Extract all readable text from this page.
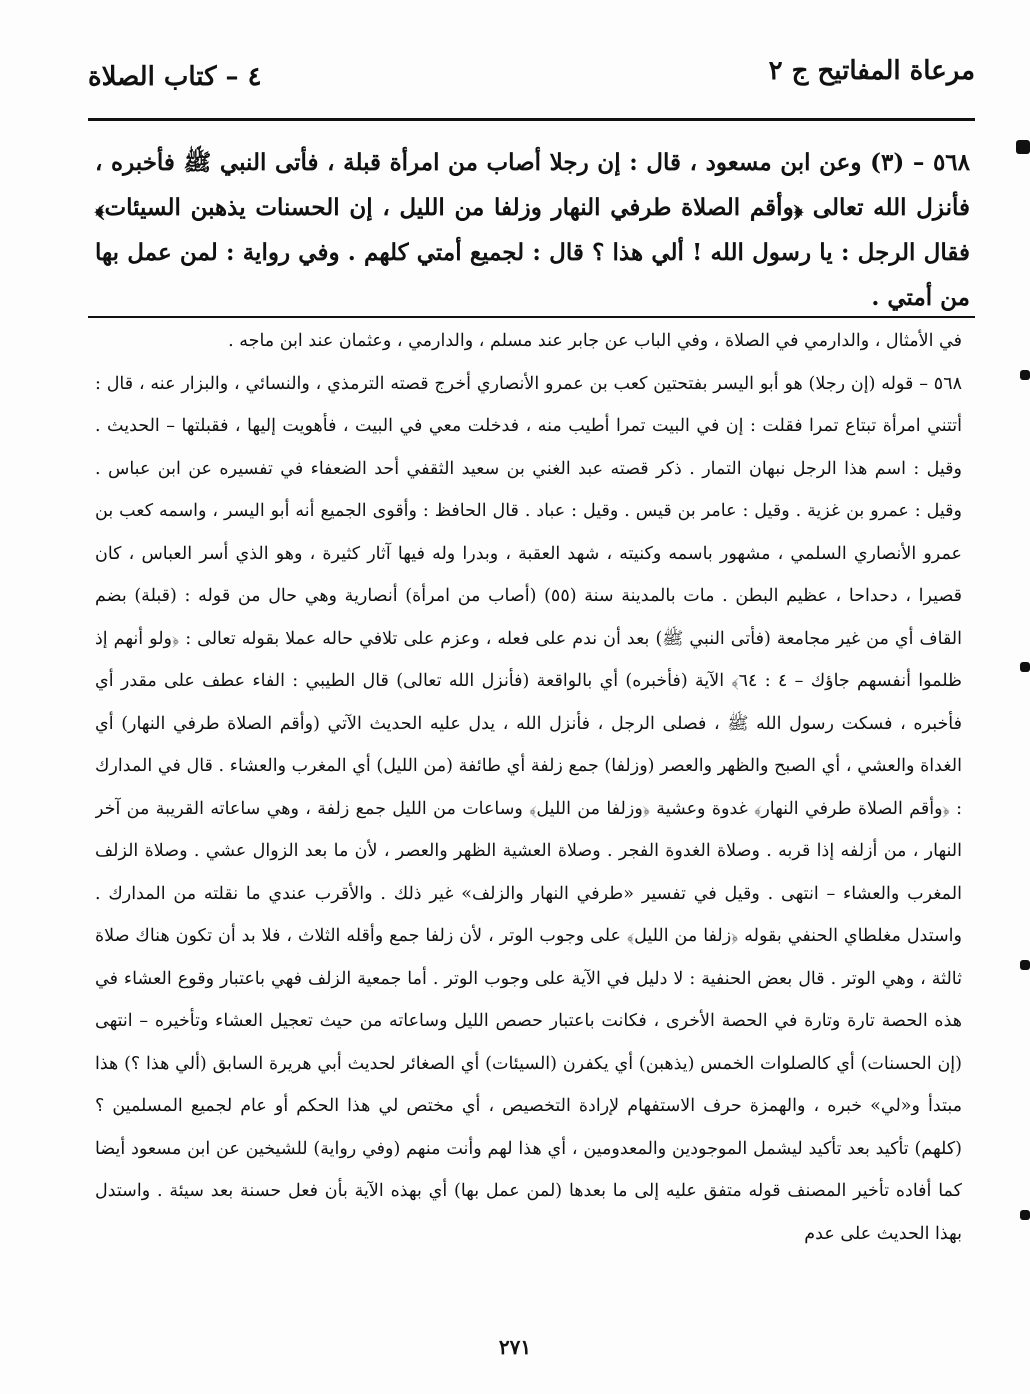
مرعاة المفاتيح ج ٢
٤ – كتاب الصلاة
٥٦٨ – (٣) وعن ابن مسعود ، قال : إن رجلا أصاب من امرأة قبلة ، فأتى النبي ﷺ فأخبره ، فأنزل الله تعالى ﴿وأقم الصلاة طرفي النهار وزلفا من الليل ، إن الحسنات يذهبن السيئات﴾ فقال الرجل : يا رسول الله ! ألي هذا ؟ قال : لجميع أمتي كلهم . وفي رواية : لمن عمل بها من أمتي .

في الأمثال ، والدارمي في الصلاة ، وفي الباب عن جابر عند مسلم ، والدارمي ، وعثمان عند ابن ماجه .

٥٦٨ – قوله (إن رجلا) هو أبو اليسر بفتحتين كعب بن عمرو الأنصاري أخرج قصته الترمذي ، والنسائي ، والبزار عنه ، قال : أتتني امرأة تبتاع تمرا فقلت : إن في البيت تمرا أطيب منه ، فدخلت معي في البيت ، فأهويت إليها ، فقبلتها – الحديث . وقيل : اسم هذا الرجل نبهان التمار . ذكر قصته عبد الغني بن سعيد الثقفي أحد الضعفاء في تفسيره عن ابن عباس . وقيل : عمرو بن غزية . وقيل : عامر بن قيس . وقيل : عباد . قال الحافظ : وأقوى الجميع أنه أبو اليسر ، واسمه كعب بن عمرو الأنصاري السلمي ، مشهور باسمه وكنيته ، شهد العقبة ، وبدرا وله فيها آثار كثيرة ، وهو الذي أسر العباس ، كان قصيرا ، دحداحا ، عظيم البطن . مات بالمدينة سنة (٥٥) (أصاب من امرأة) أنصارية وهي حال من قوله : (قبلة) بضم القاف أي من غير مجامعة (فأتى النبي ﷺ) بعد أن ندم على فعله ، وعزم على تلافي حاله عملا بقوله تعالى : ﴿ولو أنهم إذ ظلموا أنفسهم جاؤك – ٤ : ٦٤﴾ الآية (فأخبره) أي بالواقعة (فأنزل الله تعالى) قال الطيبي : الفاء عطف على مقدر أي فأخبره ، فسكت رسول الله ﷺ ، فصلى الرجل ، فأنزل الله ، يدل عليه الحديث الآتي (وأقم الصلاة طرفي النهار) أي الغداة والعشي ، أي الصبح والظهر والعصر (وزلفا) جمع زلفة أي طائفة (من الليل) أي المغرب والعشاء . قال في المدارك : ﴿وأقم الصلاة طرفي النهار﴾ غدوة وعشية ﴿وزلفا من الليل﴾ وساعات من الليل جمع زلفة ، وهي ساعاته القريبة من آخر النهار ، من أزلفه إذا قربه . وصلاة الغدوة الفجر . وصلاة العشية الظهر والعصر ، لأن ما بعد الزوال عشي . وصلاة الزلف المغرب والعشاء – انتهى . وقيل في تفسير «طرفي النهار والزلف» غير ذلك . والأقرب عندي ما نقلته من المدارك . واستدل مغلطاي الحنفي بقوله ﴿زلفا من الليل﴾ على وجوب الوتر ، لأن زلفا جمع وأقله الثلاث ، فلا بد أن تكون هناك صلاة ثالثة ، وهي الوتر . قال بعض الحنفية : لا دليل في الآية على وجوب الوتر . أما جمعية الزلف فهي باعتبار وقوع العشاء في هذه الحصة تارة وتارة في الحصة الأخرى ، فكانت باعتبار حصص الليل وساعاته من حيث تعجيل العشاء وتأخيره – انتهى (إن الحسنات) أي كالصلوات الخمس (يذهبن) أي يكفرن (السيئات) أي الصغائر لحديث أبي هريرة السابق (ألي هذا ؟) هذا مبتدأ و«لي» خبره ، والهمزة حرف الاستفهام لإرادة التخصيص ، أي مختص لي هذا الحكم أو عام لجميع المسلمين ؟ (كلهم) تأكيد بعد تأكيد ليشمل الموجودين والمعدومين ، أي هذا لهم وأنت منهم (وفي رواية) للشيخين عن ابن مسعود أيضا كما أفاده تأخير المصنف قوله متفق عليه إلى ما بعدها (لمن عمل بها) أي بهذه الآية بأن فعل حسنة بعد سيئة . واستدل بهذا الحديث على عدم

٢٧١
